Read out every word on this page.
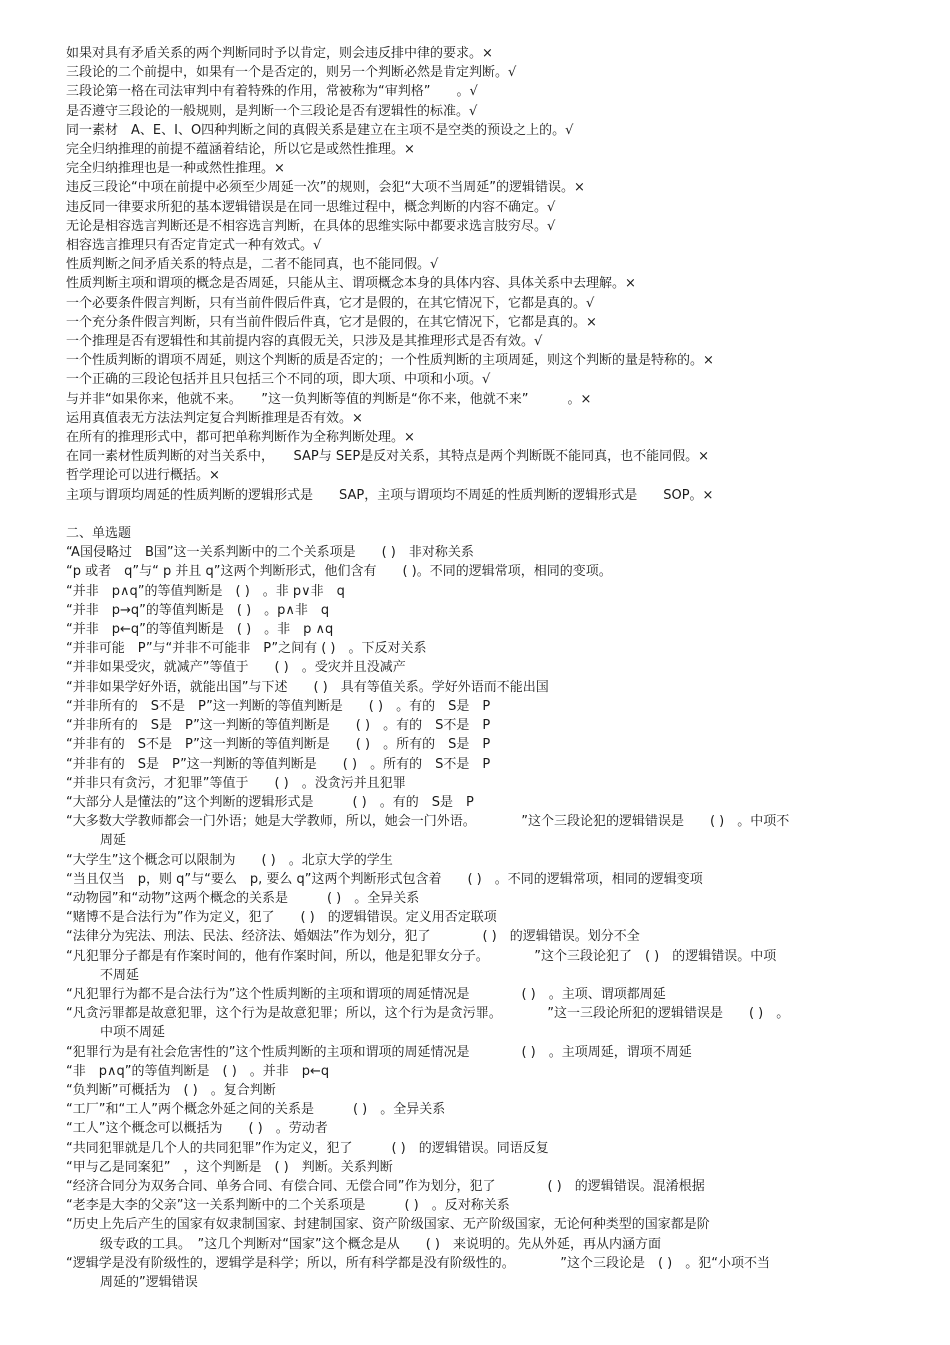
如果对具有矛盾关系的两个判断同时予以肯定，则会违反排中律的要求。×
三段论的二个前提中，如果有一个是否定的，则另一个判断必然是肯定判断。√
三段论第一格在司法审判中有着特殊的作用，常被称为“审判格”　　。√
是否遵守三段论的一般规则，是判断一个三段论是否有逻辑性的标准。√
同一素材　A、E、I、O四种判断之间的真假关系是建立在主项不是空类的预设之上的。√
完全归纳推理的前提不蕴涵着结论，所以它是或然性推理。×
完全归纳推理也是一种或然性推理。×
违反三段论“中项在前提中必须至少周延一次”的规则，会犯“大项不当周延”的逻辑错误。×
违反同一律要求所犯的基本逻辑错误是在同一思维过程中，概念判断的内容不确定。√
无论是相容选言判断还是不相容选言判断，在具体的思维实际中都要求选言肢穷尽。√
相容选言推理只有否定肯定式一种有效式。√
性质判断之间矛盾关系的特点是，二者不能同真，也不能同假。√
性质判断主项和谓项的概念是否周延，只能从主、谓项概念本身的具体内容、具体关系中去理解。×
一个必要条件假言判断，只有当前件假后件真，它才是假的，在其它情况下，它都是真的。√
一个充分条件假言判断，只有当前件假后件真，它才是假的，在其它情况下，它都是真的。×
一个推理是否有逻辑性和其前提内容的真假无关，只涉及是其推理形式是否有效。√
一个性质判断的谓项不周延，则这个判断的质是否定的；一个性质判断的主项周延，则这个判断的量是特称的。×
一个正确的三段论包括并且只包括三个不同的项，即大项、中项和小项。√
与并非“如果你来，他就不来。　　”这一负判断等值的判断是“你不来，他就不来”　　　。×
运用真值表无方法法判定复合判断推理是否有效。×
在所有的推理形式中，都可把单称判断作为全称判断处理。×
在同一素材性质判断的对当关系中，　　SAP与 SEP是反对关系，其特点是两个判断既不能同真，也不能同假。×
哲学理论可以进行概括。×
主项与谓项均周延的性质判断的逻辑形式是　　SAP，主项与谓项均不周延的性质判断的逻辑形式是　　SOP。×
二、单选题
“A国侵略过　B国”这一关系判断中的二个关系项是　　( )　非对称关系
“p 或者　q”与“ p 并且 q”这两个判断形式，他们含有　　( )。不同的逻辑常项，相同的变项。
“并非　p∧q”的等值判断是　( )　。非 p∨非　q
“并非　p→q”的等值判断是　( )　。p∧非　q
“并非　p←q”的等值判断是　( )　。非　p ∧q
“并非可能　P”与“并非不可能非　P”之间有 ( )　。下反对关系
“并非如果受灾，就减产”等值于　　( )　。受灾并且没减产
“并非如果学好外语，就能出国”与下述　　( )　具有等值关系。学好外语而不能出国
“并非所有的　S不是　P”这一判断的等值判断是　　( )　。有的　S是　P
“并非所有的　S是　P”这一判断的等值判断是　　( )　。有的　S不是　P
“并非有的　S不是　P”这一判断的等值判断是　　( )　。所有的　S是　P
“并非有的　S是　P”这一判断的等值判断是　　( )　。所有的　S不是　P
“并非只有贪污，才犯罪”等值于　　( )　。没贪污并且犯罪
“大部分人是懂法的”这个判断的逻辑形式是　　　( )　。有的　S是　P
“大多数大学教师都会一门外语；她是大学教师，所以，她会一门外语。　　　　”这个三段论犯的逻辑错误是　　( )　。中项不
周延
“大学生”这个概念可以限制为　　( )　。北京大学的学生
“当且仅当　p，则 q”与“要么　p, 要么 q”这两个判断形式包含着　　( )　。不同的逻辑常项，相同的逻辑变项
“动物园”和“动物”这两个概念的关系是　　　( )　。全异关系
“赌博不是合法行为”作为定义，犯了　　( )　的逻辑错误。定义用否定联项
“法律分为宪法、刑法、民法、经济法、婚姻法”作为划分，犯了　　　　( )　的逻辑错误。划分不全
“凡犯罪分子都是有作案时间的，他有作案时间，所以，他是犯罪女分子。　　　　”这个三段论犯了　( )　的逻辑错误。中项
不周延
“凡犯罪行为都不是合法行为”这个性质判断的主项和谓项的周延情况是　　　　( )　。主项、谓项都周延
“凡贪污罪都是故意犯罪，这个行为是故意犯罪；所以，这个行为是贪污罪。　　　　”这一三段论所犯的逻辑错误是　　( )　。
中项不周延
“犯罪行为是有社会危害性的”这个性质判断的主项和谓项的周延情况是　　　　( )　。主项周延，谓项不周延
“非　p∧q”的等值判断是　( )　。并非　p←q
“负判断”可概括为　( )　。复合判断
“工厂”和“工人”两个概念外延之间的关系是　　　( )　。全异关系
“工人”这个概念可以概括为　　( )　。劳动者
“共同犯罪就是几个人的共同犯罪”作为定义，犯了　　　( )　的逻辑错误。同语反复
“甲与乙是同案犯”　，这个判断是　( )　判断。关系判断
“经济合同分为双务合同、单务合同、有偿合同、无偿合同”作为划分，犯了　　　　( )　的逻辑错误。混淆根据
“老李是大李的父亲”这一关系判断中的二个关系项是　　　( )　。反对称关系
“历史上先后产生的国家有奴隶制国家、封建制国家、资产阶级国家、无产阶级国家，无论何种类型的国家都是阶
级专政的工具。　”这几个判断对“国家”这个概念是从　　( )　来说明的。先从外延，再从内涵方面
“逻辑学是没有阶级性的，逻辑学是科学；所以，所有科学都是没有阶级性的。　　　　”这个三段论是　( )　。犯“小项不当
周延的”逻辑错误
